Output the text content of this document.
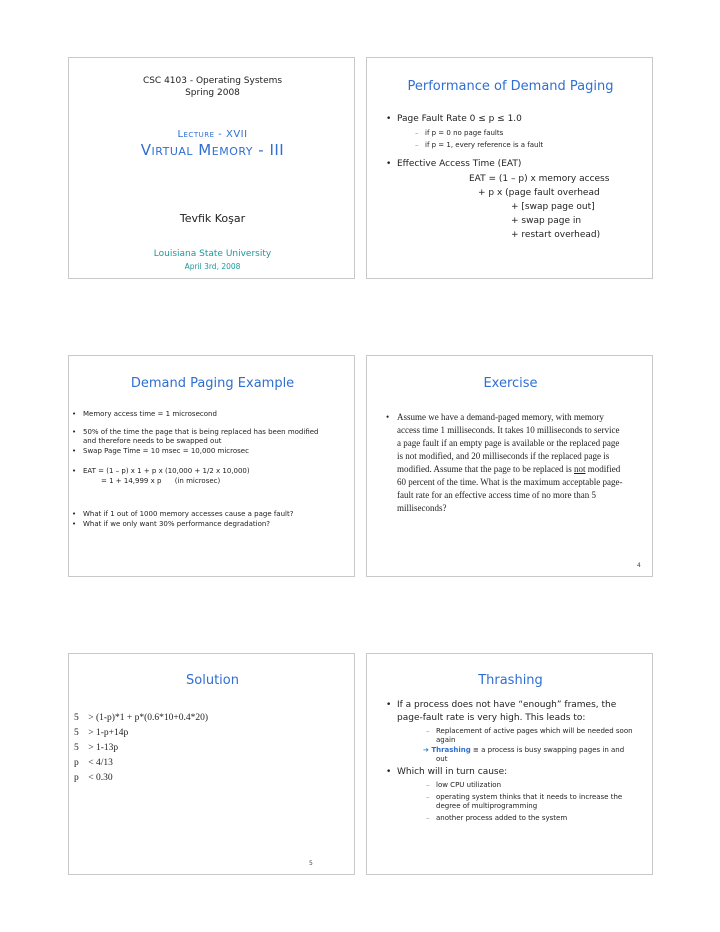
CSC 4103 - Operating Systems
Spring 2008
Lecture - XVII
Virtual Memory - III
Tevfik Koşar
Louisiana State University
April 3rd, 2008
Performance of Demand Paging
• Page Fault Rate 0 ≤ p ≤ 1.0
– if p = 0 no page faults
– if p = 1, every reference is a fault
• Effective Access Time (EAT)
EAT = (1 – p) x memory access
+ p x (page fault overhead
+ [swap page out]
+ swap page in
+ restart overhead)
Demand Paging Example
• Memory access time = 1 microsecond
• 50% of the time the page that is being replaced has been modified
and therefore needs to be swapped out
• Swap Page Time = 10 msec = 10,000 microsec
• EAT = (1 – p) x 1 + p x (10,000 + 1/2 x 10,000)
= 1 + 14,999 x p      (in microsec)
• What if 1 out of 1000 memory accesses cause a page fault?
• What if we only want 30% performance degradation?
Exercise
• Assume we have a demand-paged memory, with memory
access time 1 milliseconds. It takes 10 milliseconds to service
a page fault if an empty page is available or the replaced page
is not modified, and 20 milliseconds if the replaced page is
modified. Assume that the page to be replaced is not modified
60 percent of the time. What is the maximum acceptable page-
fault rate for an effective access time of no more than 5
milliseconds?
4
Solution
• 5    > (1-p)*1 + p*(0.6*10+0.4*20)
• 5    > 1-p+14p
• 5    > 1-13p
• p    < 4/13
• p    < 0.30
5
Thrashing
• If a process does not have “enough” frames, the
page-fault rate is very high. This leads to:
– Replacement of active pages which will be needed soon
again
➔ Thrashing ≡ a process is busy swapping pages in and
out
• Which will in turn cause:
– low CPU utilization
– operating system thinks that it needs to increase the
degree of multiprogramming
– another process added to the system
